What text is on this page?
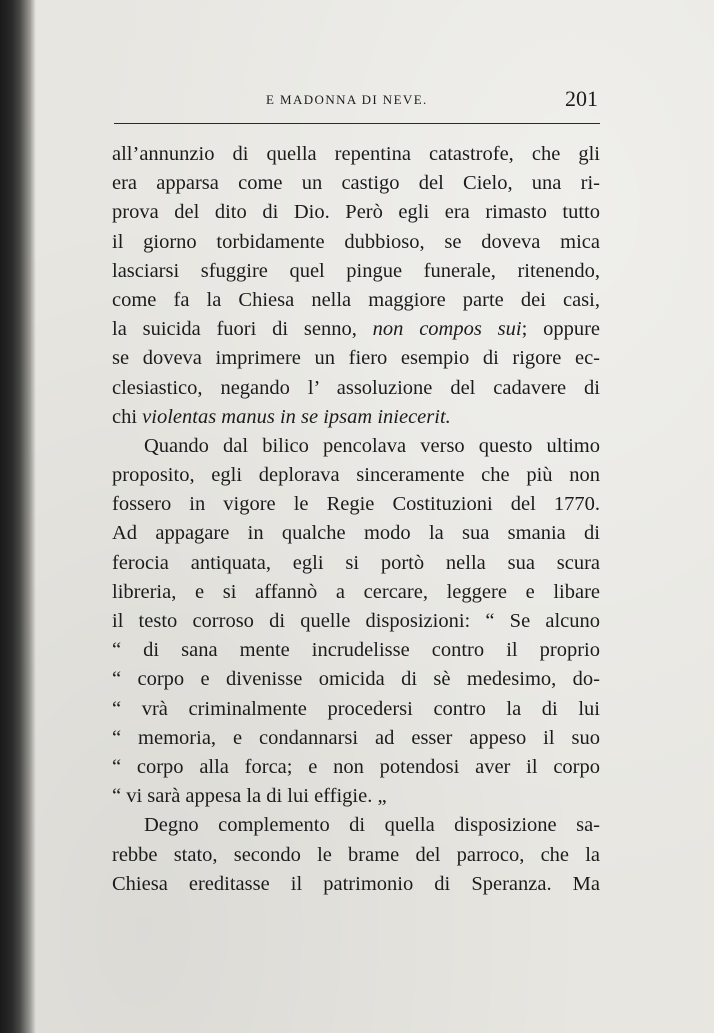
E MADONNA DI NEVE.	201
all’annunzio di quella repentina catastrofe, che gli
era apparsa come un castigo del Cielo, una ri-
prova del dito di Dio. Però egli era rimasto tutto
il giorno torbidamente dubbioso, se doveva mica
lasciarsi sfuggire quel pingue funerale, ritenendo,
come fa la Chiesa nella maggiore parte dei casi,
la suicida fuori di senno, non compos sui; oppure
se doveva imprimere un fiero esempio di rigore ec-
clesiastico, negando l’ assoluzione del cadavere di
chi violentas manus in se ipsam iniecerit.
Quando dal bilico pencolava verso questo ultimo
proposito, egli deplorava sinceramente che più non
fossero in vigore le Regie Costituzioni del 1770.
Ad appagare in qualche modo la sua smania di
ferocia antiquata, egli si portò nella sua scura
libreria, e si affannò a cercare, leggere e libare
il testo corroso di quelle disposizioni: “ Se alcuno
“ di sana mente incrudelisse contro il proprio
“ corpo e divenisse omicida di sè medesimo, do-
“ vrà criminalmente procedersi contro la di lui
“ memoria, e condannarsi ad esser appeso il suo
“ corpo alla forca; e non potendosi aver il corpo
“ vi sarà appesa la di lui effigie. „
Degno complemento di quella disposizione sa-
rebbe stato, secondo le brame del parroco, che la
Chiesa ereditasse il patrimonio di Speranza. Ma
